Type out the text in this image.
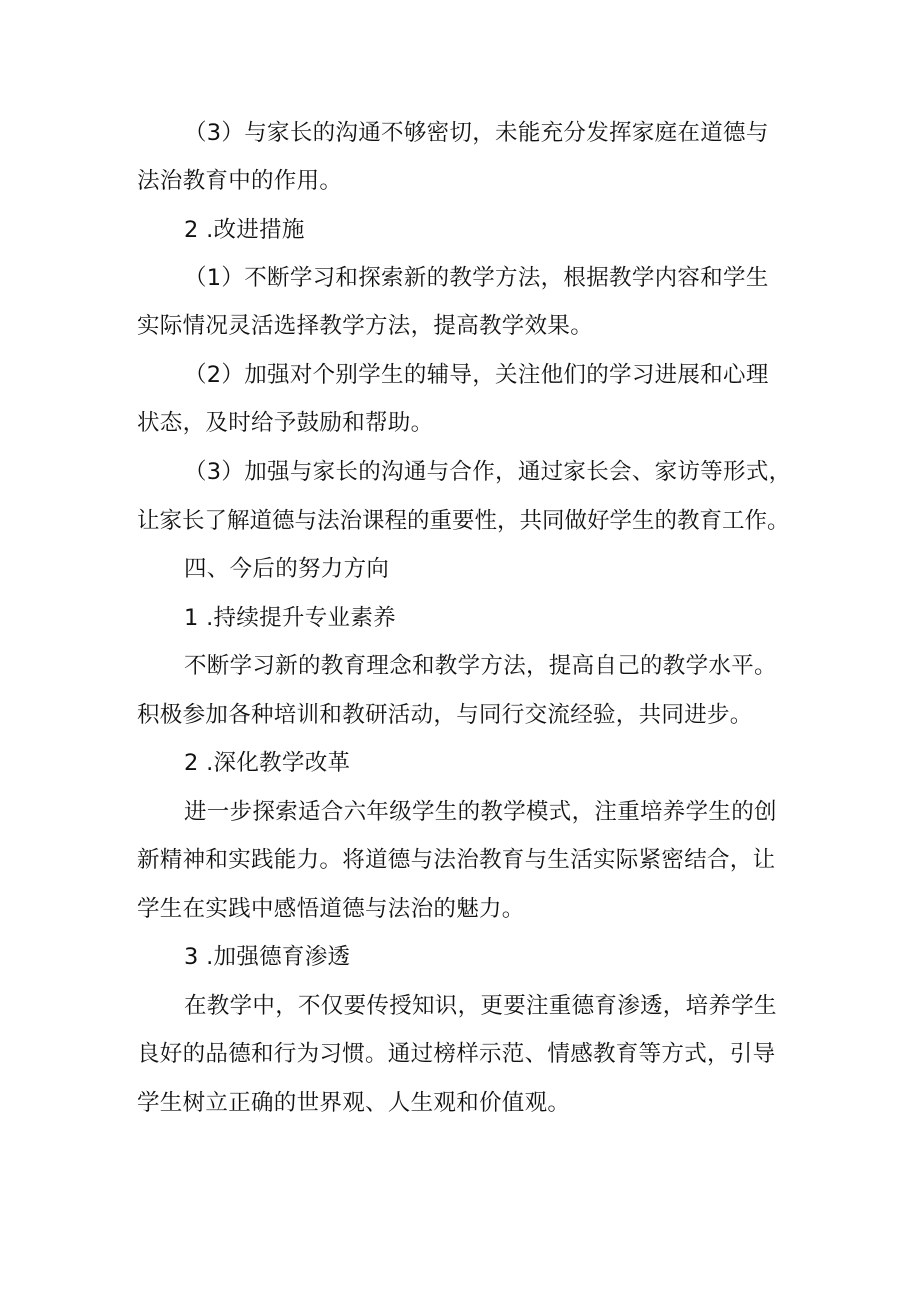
（3）与家长的沟通不够密切，未能充分发挥家庭在道德与
法治教育中的作用。
2 .改进措施
（1）不断学习和探索新的教学方法，根据教学内容和学生
实际情况灵活选择教学方法，提高教学效果。
（2）加强对个别学生的辅导，关注他们的学习进展和心理
状态，及时给予鼓励和帮助。
（3）加强与家长的沟通与合作，通过家长会、家访等形式，
让家长了解道德与法治课程的重要性，共同做好学生的教育工作。
四、今后的努力方向
1 .持续提升专业素养
不断学习新的教育理念和教学方法，提高自己的教学水平。
积极参加各种培训和教研活动，与同行交流经验，共同进步。
2 .深化教学改革
进一步探索适合六年级学生的教学模式，注重培养学生的创
新精神和实践能力。将道德与法治教育与生活实际紧密结合，让
学生在实践中感悟道德与法治的魅力。
3 .加强德育渗透
在教学中，不仅要传授知识，更要注重德育渗透，培养学生
良好的品德和行为习惯。通过榜样示范、情感教育等方式，引导
学生树立正确的世界观、人生观和价值观。
